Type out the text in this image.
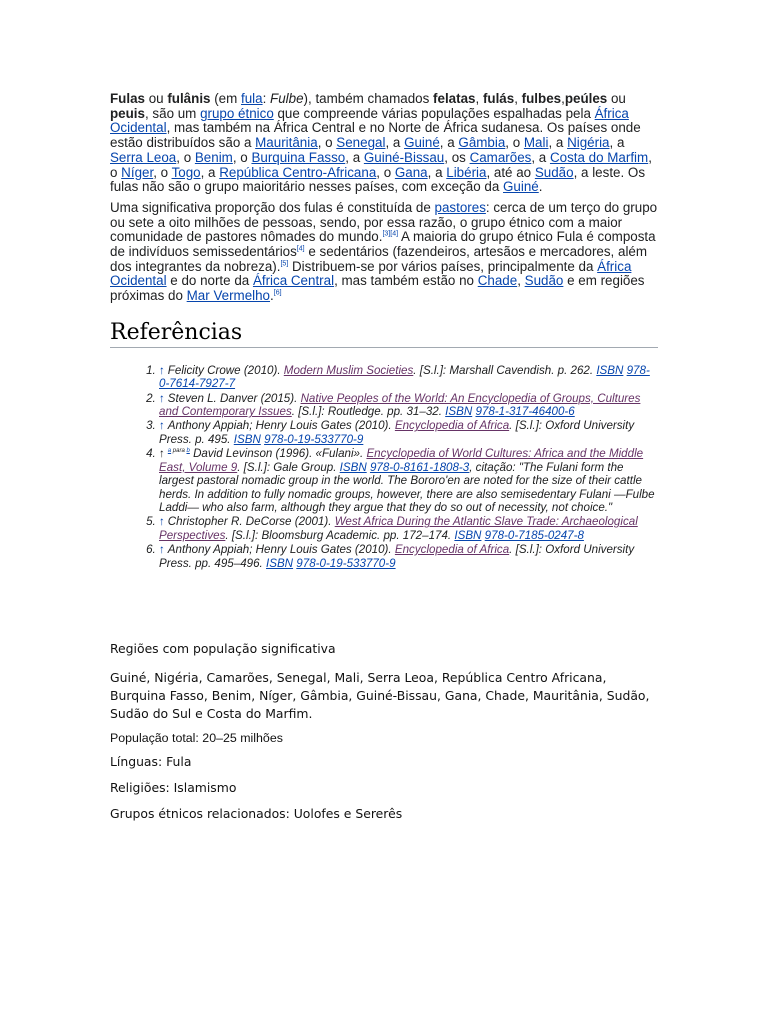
Fulas ou fulânis (em fula: Fulbe), também chamados felatas, fulás, fulbes,peúles ou peuis, são um grupo étnico que compreende várias populações espalhadas pela África Ocidental, mas também na África Central e no Norte de África sudanesa. Os países onde estão distribuídos são a Mauritânia, o Senegal, a Guiné, a Gâmbia, o Mali, a Nigéria, a Serra Leoa, o Benim, o Burquina Fasso, a Guiné-Bissau, os Camarões, a Costa do Marfim, o Níger, o Togo, a República Centro-Africana, o Gana, a Libéria, até ao Sudão, a leste. Os fulas não são o grupo maioritário nesses países, com exceção da Guiné.

Uma significativa proporção dos fulas é constituída de pastores: cerca de um terço do grupo ou sete a oito milhões de pessoas, sendo, por essa razão, o grupo étnico com a maior comunidade de pastores nômades do mundo.[3][4] A maioria do grupo étnico Fula é composta de indivíduos semissedentários[4] e sedentários (fazendeiros, artesãos e mercadores, além dos integrantes da nobreza).[5] Distribuem-se por vários países, principalmente da África Ocidental e do norte da África Central, mas também estão no Chade, Sudão e em regiões próximas do Mar Vermelho.[6]

Referências
1. ↑ Felicity Crowe (2010). Modern Muslim Societies. [S.l.]: Marshall Cavendish. p. 262. ISBN 978-0-7614-7927-7
2. ↑ Steven L. Danver (2015). Native Peoples of the World: An Encyclopedia of Groups, Cultures and Contemporary Issues. [S.l.]: Routledge. pp. 31–32. ISBN 978-1-317-46400-6
3. ↑ Anthony Appiah; Henry Louis Gates (2010). Encyclopedia of Africa. [S.l.]: Oxford University Press. p. 495. ISBN 978-0-19-533770-9
4. ↑ $^{a para b}$ David Levinson (1996). «Fulani». Encyclopedia of World Cultures: Africa and the Middle East, Volume 9. [S.l.]: Gale Group. ISBN 978-0-8161-1808-3, citação: "The Fulani form the largest pastoral nomadic group in the world. The Bororo'en are noted for the size of their cattle herds. In addition to fully nomadic groups, however, there are also semisedentary Fulani —Fulbe Laddi— who also farm, although they argue that they do so out of necessity, not choice."
5. ↑ Christopher R. DeCorse (2001). West Africa During the Atlantic Slave Trade: Archaeological Perspectives. [S.l.]: Bloomsburg Academic. pp. 172–174. ISBN 978-0-7185-0247-8
6. ↑ Anthony Appiah; Henry Louis Gates (2010). Encyclopedia of Africa. [S.l.]: Oxford University Press. pp. 495–496. ISBN 978-0-19-533770-9

Regiões com população significativa

Guiné, Nigéria, Camarões, Senegal, Mali, Serra Leoa, República Centro Africana, Burquina Fasso, Benim, Níger, Gâmbia, Guiné-Bissau, Gana, Chade, Mauritânia, Sudão, Sudão do Sul e Costa do Marfim.

População total: 20–25 milhões

Línguas: Fula

Religiões: Islamismo

Grupos étnicos relacionados: Uolofes e Sererês
